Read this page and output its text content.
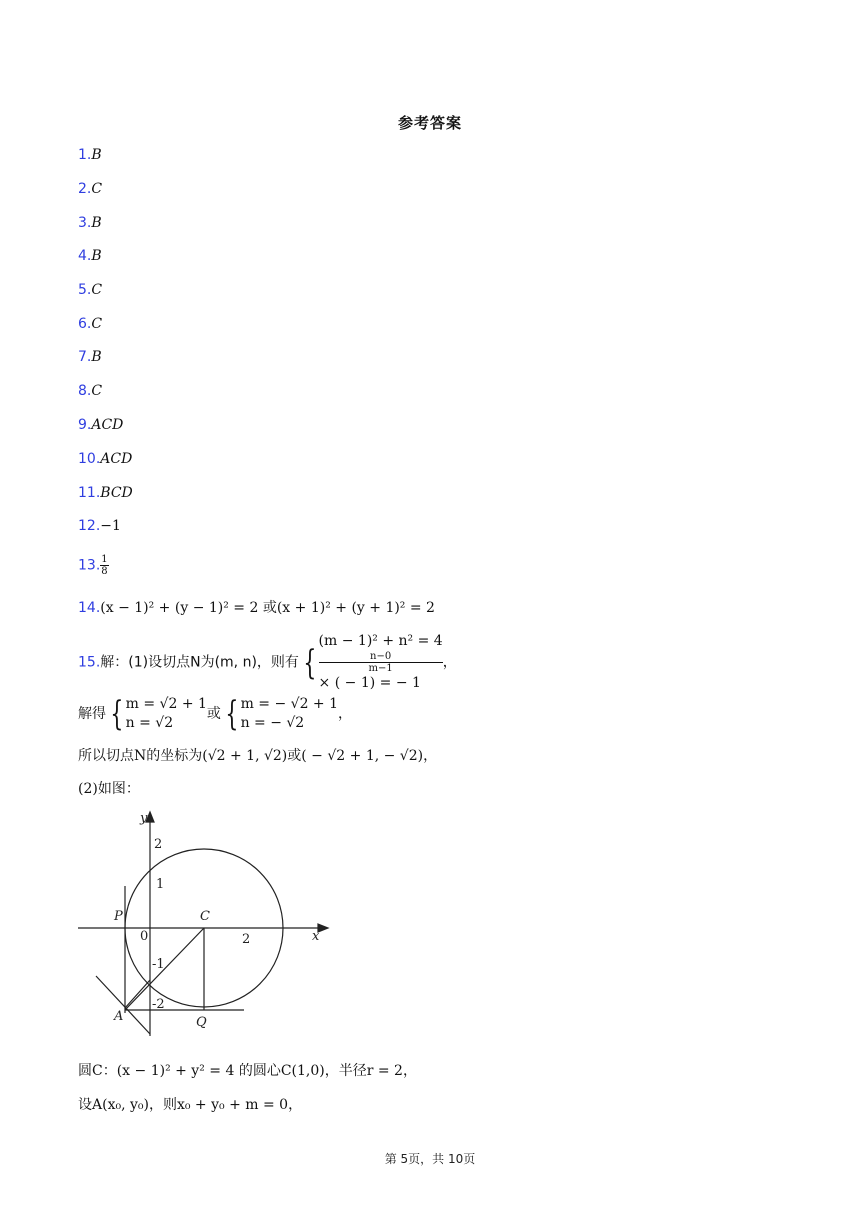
参考答案
1.B
2.C
3.B
4.B
5.C
6.C
7.B
8.C
9.ACD
10.ACD
11.BCD
12.−1
13. $\frac{1}{8}$
14.(x − 1)² + (y − 1)² = 2 或(x + 1)² + (y + 1)² = 2
15.解：(1)设切点N为(m, n)，则有 {
(m − 1)² + n² = 4
n−0
m−1
× ( − 1) = − 1
，
解得 { m = √2 + 1
n = √2
或 { m = − √2 + 1
n = − √2
，
所以切点N的坐标为(√2 + 1, √2)或( − √2 + 1, − √2)，
(2)如图：
y
x
0
2
1
-1
-2
2
P	C
A	Q
圆C：(x − 1)² + y² = 4 的圆心C(1,0)，半径r = 2，
设A(x₀, y₀)，则x₀ + y₀ + m = 0，
第 5页，共 10页
